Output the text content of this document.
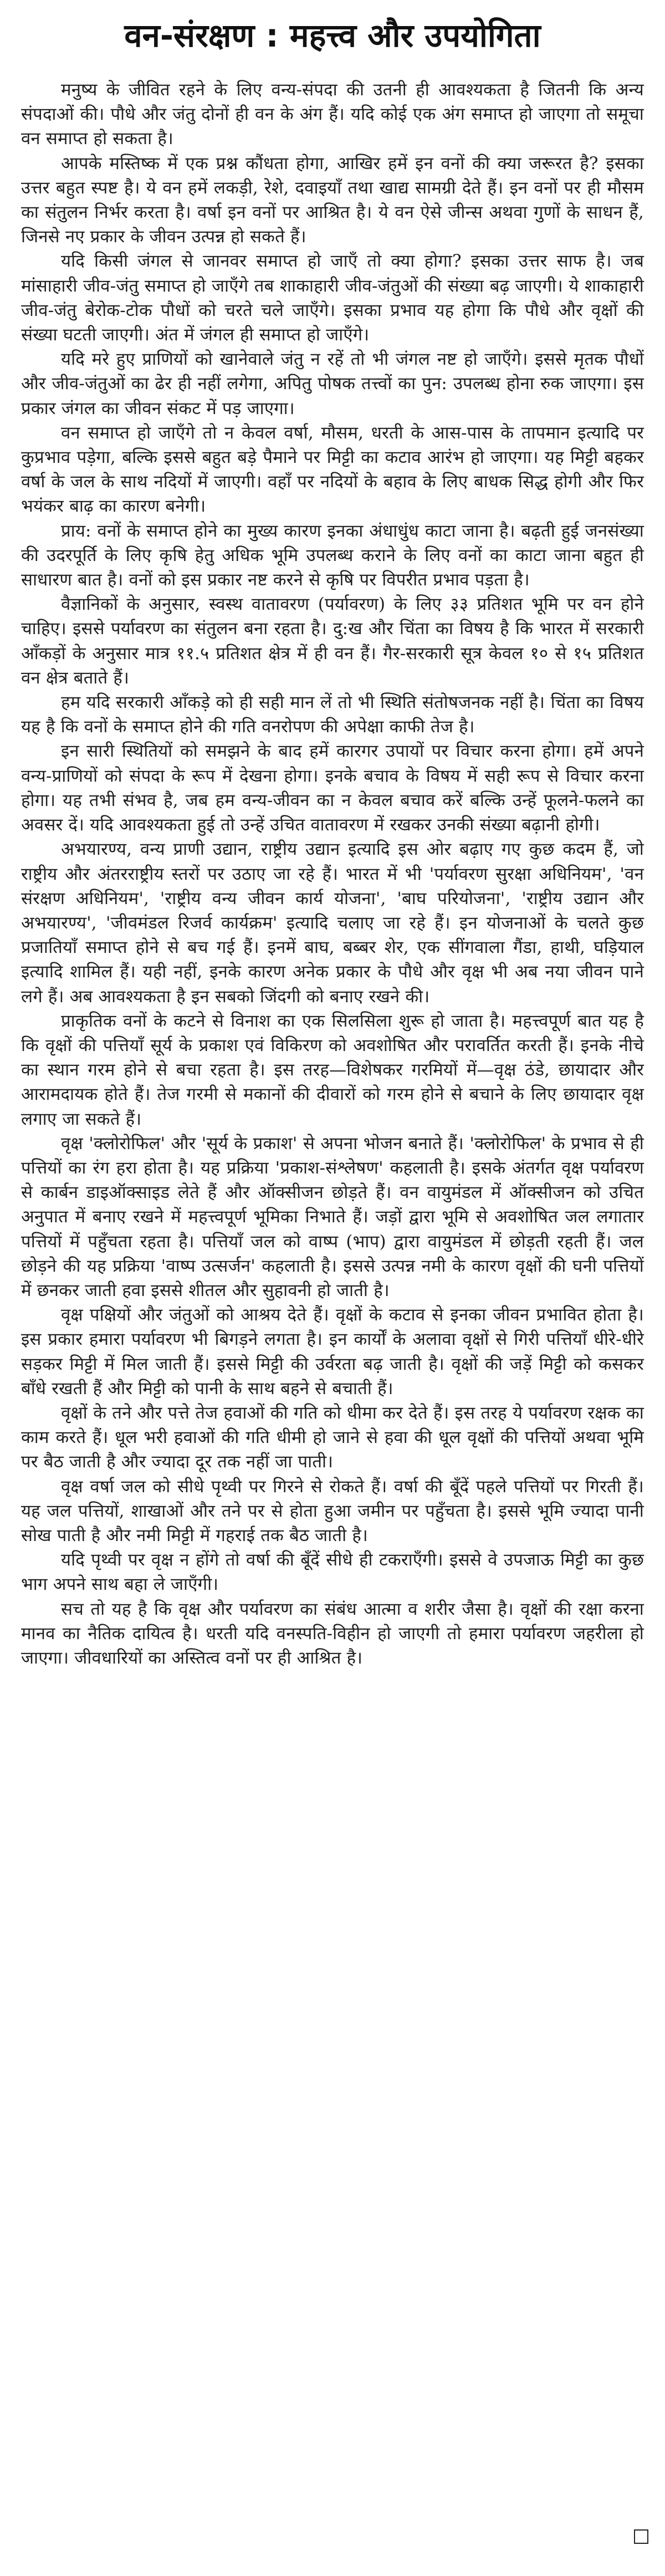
वन-संरक्षण : महत्त्व और उपयोगिता

मनुष्य के जीवित रहने के लिए वन्य-संपदा की उतनी ही आवश्यकता है जितनी कि अन्य संपदाओं की। पौधे और जंतु दोनों ही वन के अंग हैं। यदि कोई एक अंग समाप्त हो जाएगा तो समूचा वन समाप्त हो सकता है।

आपके मस्तिष्क में एक प्रश्न कौंधता होगा, आखिर हमें इन वनों की क्या जरूरत है? इसका उत्तर बहुत स्पष्ट है। ये वन हमें लकड़ी, रेशे, दवाइयाँ तथा खाद्य सामग्री देते हैं। इन वनों पर ही मौसम का संतुलन निर्भर करता है। वर्षा इन वनों पर आश्रित है। ये वन ऐसे जीन्स अथवा गुणों के साधन हैं, जिनसे नए प्रकार के जीवन उत्पन्न हो सकते हैं।

यदि किसी जंगल से जानवर समाप्त हो जाएँ तो क्या होगा? इसका उत्तर साफ है। जब मांसाहारी जीव-जंतु समाप्त हो जाएँगे तब शाकाहारी जीव-जंतुओं की संख्या बढ़ जाएगी। ये शाकाहारी जीव-जंतु बेरोक-टोक पौधों को चरते चले जाएँगे। इसका प्रभाव यह होगा कि पौधे और वृक्षों की संख्या घटती जाएगी। अंत में जंगल ही समाप्त हो जाएँगे।

यदि मरे हुए प्राणियों को खानेवाले जंतु न रहें तो भी जंगल नष्ट हो जाएँगे। इससे मृतक पौधों और जीव-जंतुओं का ढेर ही नहीं लगेगा, अपितु पोषक तत्त्वों का पुन: उपलब्ध होना रुक जाएगा। इस प्रकार जंगल का जीवन संकट में पड़ जाएगा।

वन समाप्त हो जाएँगे तो न केवल वर्षा, मौसम, धरती के आस-पास के तापमान इत्यादि पर कुप्रभाव पड़ेगा, बल्कि इससे बहुत बड़े पैमाने पर मिट्टी का कटाव आरंभ हो जाएगा। यह मिट्टी बहकर वर्षा के जल के साथ नदियों में जाएगी। वहाँ पर नदियों के बहाव के लिए बाधक सिद्ध होगी और फिर भयंकर बाढ़ का कारण बनेगी।

प्राय: वनों के समाप्त होने का मुख्य कारण इनका अंधाधुंध काटा जाना है। बढ़ती हुई जनसंख्या की उदरपूर्ति के लिए कृषि हेतु अधिक भूमि उपलब्ध कराने के लिए वनों का काटा जाना बहुत ही साधारण बात है। वनों को इस प्रकार नष्ट करने से कृषि पर विपरीत प्रभाव पड़ता है।

वैज्ञानिकों के अनुसार, स्वस्थ वातावरण (पर्यावरण) के लिए ३३ प्रतिशत भूमि पर वन होने चाहिए। इससे पर्यावरण का संतुलन बना रहता है। दु:ख और चिंता का विषय है कि भारत में सरकारी आँकड़ों के अनुसार मात्र ११.५ प्रतिशत क्षेत्र में ही वन हैं। गैर-सरकारी सूत्र केवल १० से १५ प्रतिशत वन क्षेत्र बताते हैं।

हम यदि सरकारी आँकड़े को ही सही मान लें तो भी स्थिति संतोषजनक नहीं है। चिंता का विषय यह है कि वनों के समाप्त होने की गति वनरोपण की अपेक्षा काफी तेज है।

इन सारी स्थितियों को समझने के बाद हमें कारगर उपायों पर विचार करना होगा। हमें अपने वन्य-प्राणियों को संपदा के रूप में देखना होगा। इनके बचाव के विषय में सही रूप से विचार करना होगा। यह तभी संभव है, जब हम वन्य-जीवन का न केवल बचाव करें बल्कि उन्हें फूलने-फलने का अवसर दें। यदि आवश्यकता हुई तो उन्हें उचित वातावरण में रखकर उनकी संख्या बढ़ानी होगी।

अभयारण्य, वन्य प्राणी उद्यान, राष्ट्रीय उद्यान इत्यादि इस ओर बढ़ाए गए कुछ कदम हैं, जो राष्ट्रीय और अंतरराष्ट्रीय स्तरों पर उठाए जा रहे हैं। भारत में भी 'पर्यावरण सुरक्षा अधिनियम', 'वन संरक्षण अधिनियम', 'राष्ट्रीय वन्य जीवन कार्य योजना', 'बाघ परियोजना', 'राष्ट्रीय उद्यान और अभयारण्य', 'जीवमंडल रिजर्व कार्यक्रम' इत्यादि चलाए जा रहे हैं। इन योजनाओं के चलते कुछ प्रजातियाँ समाप्त होने से बच गई हैं। इनमें बाघ, बब्बर शेर, एक सींगवाला गैंडा, हाथी, घड़ियाल इत्यादि शामिल हैं। यही नहीं, इनके कारण अनेक प्रकार के पौधे और वृक्ष भी अब नया जीवन पाने लगे हैं। अब आवश्यकता है इन सबको जिंदगी को बनाए रखने की।

प्राकृतिक वनों के कटने से विनाश का एक सिलसिला शुरू हो जाता है। महत्त्वपूर्ण बात यह है कि वृक्षों की पत्तियाँ सूर्य के प्रकाश एवं विकिरण को अवशोषित और परावर्तित करती हैं। इनके नीचे का स्थान गरम होने से बचा रहता है। इस तरह—विशेषकर गरमियों में—वृक्ष ठंडे, छायादार और आरामदायक होते हैं। तेज गरमी से मकानों की दीवारों को गरम होने से बचाने के लिए छायादार वृक्ष लगाए जा सकते हैं।

वृक्ष 'क्लोरोफिल' और 'सूर्य के प्रकाश' से अपना भोजन बनाते हैं। 'क्लोरोफिल' के प्रभाव से ही पत्तियों का रंग हरा होता है। यह प्रक्रिया 'प्रकाश-संश्लेषण' कहलाती है। इसके अंतर्गत वृक्ष पर्यावरण से कार्बन डाइऑक्साइड लेते हैं और ऑक्सीजन छोड़ते हैं। वन वायुमंडल में ऑक्सीजन को उचित अनुपात में बनाए रखने में महत्त्वपूर्ण भूमिका निभाते हैं। जड़ों द्वारा भूमि से अवशोषित जल लगातार पत्तियों में पहुँचता रहता है। पत्तियाँ जल को वाष्प (भाप) द्वारा वायुमंडल में छोड़ती रहती हैं। जल छोड़ने की यह प्रक्रिया 'वाष्प उत्सर्जन' कहलाती है। इससे उत्पन्न नमी के कारण वृक्षों की घनी पत्तियों में छनकर जाती हवा इससे शीतल और सुहावनी हो जाती है।

वृक्ष पक्षियों और जंतुओं को आश्रय देते हैं। वृक्षों के कटाव से इनका जीवन प्रभावित होता है। इस प्रकार हमारा पर्यावरण भी बिगड़ने लगता है। इन कार्यों के अलावा वृक्षों से गिरी पत्तियाँ धीरे-धीरे सड़कर मिट्टी में मिल जाती हैं। इससे मिट्टी की उर्वरता बढ़ जाती है। वृक्षों की जड़ें मिट्टी को कसकर बाँधे रखती हैं और मिट्टी को पानी के साथ बहने से बचाती हैं।

वृक्षों के तने और पत्ते तेज हवाओं की गति को धीमा कर देते हैं। इस तरह ये पर्यावरण रक्षक का काम करते हैं। धूल भरी हवाओं की गति धीमी हो जाने से हवा की धूल वृक्षों की पत्तियों अथवा भूमि पर बैठ जाती है और ज्यादा दूर तक नहीं जा पाती।

वृक्ष वर्षा जल को सीधे पृथ्वी पर गिरने से रोकते हैं। वर्षा की बूँदें पहले पत्तियों पर गिरती हैं। यह जल पत्तियों, शाखाओं और तने पर से होता हुआ जमीन पर पहुँचता है। इससे भूमि ज्यादा पानी सोख पाती है और नमी मिट्टी में गहराई तक बैठ जाती है।

यदि पृथ्वी पर वृक्ष न होंगे तो वर्षा की बूँदें सीधे ही टकराएँगी। इससे वे उपजाऊ मिट्टी का कुछ भाग अपने साथ बहा ले जाएँगी।

सच तो यह है कि वृक्ष और पर्यावरण का संबंध आत्मा व शरीर जैसा है। वृक्षों की रक्षा करना मानव का नैतिक दायित्व है। धरती यदि वनस्पति-विहीन हो जाएगी तो हमारा पर्यावरण जहरीला हो जाएगा। जीवधारियों का अस्तित्व वनों पर ही आश्रित है।
